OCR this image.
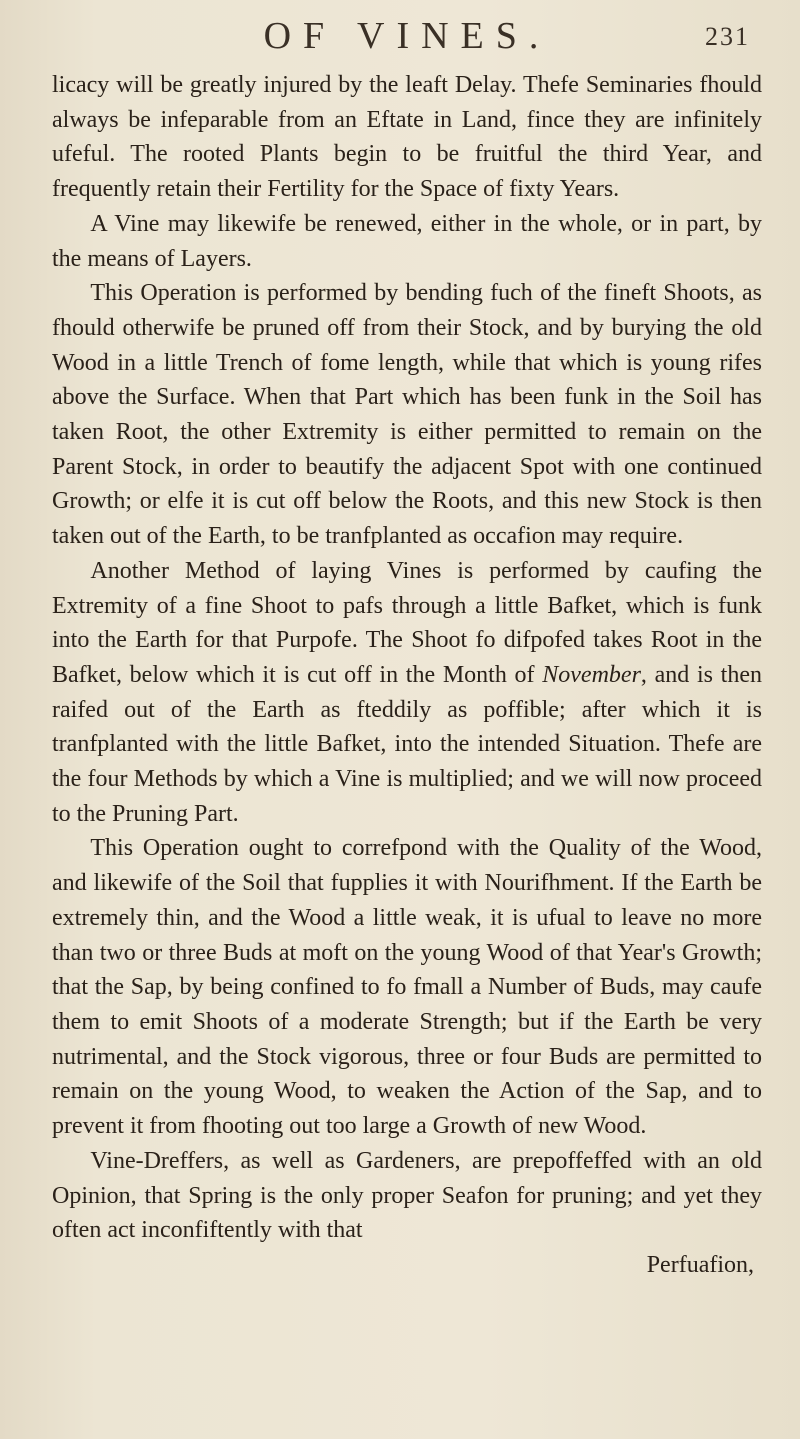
OF VINES.	231

licacy will be greatly injured by the leaft Delay. Thefe Seminaries fhould always be infeparable from an Eftate in Land, fince they are infinitely ufeful. The rooted Plants begin to be fruitful the third Year, and frequently retain their Fertility for the Space of fixty Years.

A Vine may likewife be renewed, either in the whole, or in part, by the means of Layers.

This Operation is performed by bending fuch of the fineft Shoots, as fhould otherwife be pruned off from their Stock, and by burying the old Wood in a little Trench of fome length, while that which is young rifes above the Surface. When that Part which has been funk in the Soil has taken Root, the other Extremity is either permitted to remain on the Parent Stock, in order to beautify the adjacent Spot with one continued Growth; or elfe it is cut off below the Roots, and this new Stock is then taken out of the Earth, to be tranfplanted as occafion may require.

Another Method of laying Vines is performed by caufing the Extremity of a fine Shoot to pafs through a little Bafket, which is funk into the Earth for that Purpofe. The Shoot fo difpofed takes Root in the Bafket, below which it is cut off in the Month of November, and is then raifed out of the Earth as fteddily as poffible; after which it is tranfplanted with the little Bafket, into the intended Situation. Thefe are the four Methods by which a Vine is multiplied; and we will now proceed to the Pruning Part.

This Operation ought to correfpond with the Quality of the Wood, and likewife of the Soil that fupplies it with Nourifhment. If the Earth be extremely thin, and the Wood a little weak, it is ufual to leave no more than two or three Buds at moft on the young Wood of that Year's Growth; that the Sap, by being confined to fo fmall a Number of Buds, may caufe them to emit Shoots of a moderate Strength; but if the Earth be very nutrimental, and the Stock vigorous, three or four Buds are permitted to remain on the young Wood, to weaken the Action of the Sap, and to prevent it from fhooting out too large a Growth of new Wood.

Vine-Dreffers, as well as Gardeners, are prepoffeffed with an old Opinion, that Spring is the only proper Seafon for pruning; and yet they often act inconfiftently with that

Perfuafion,
